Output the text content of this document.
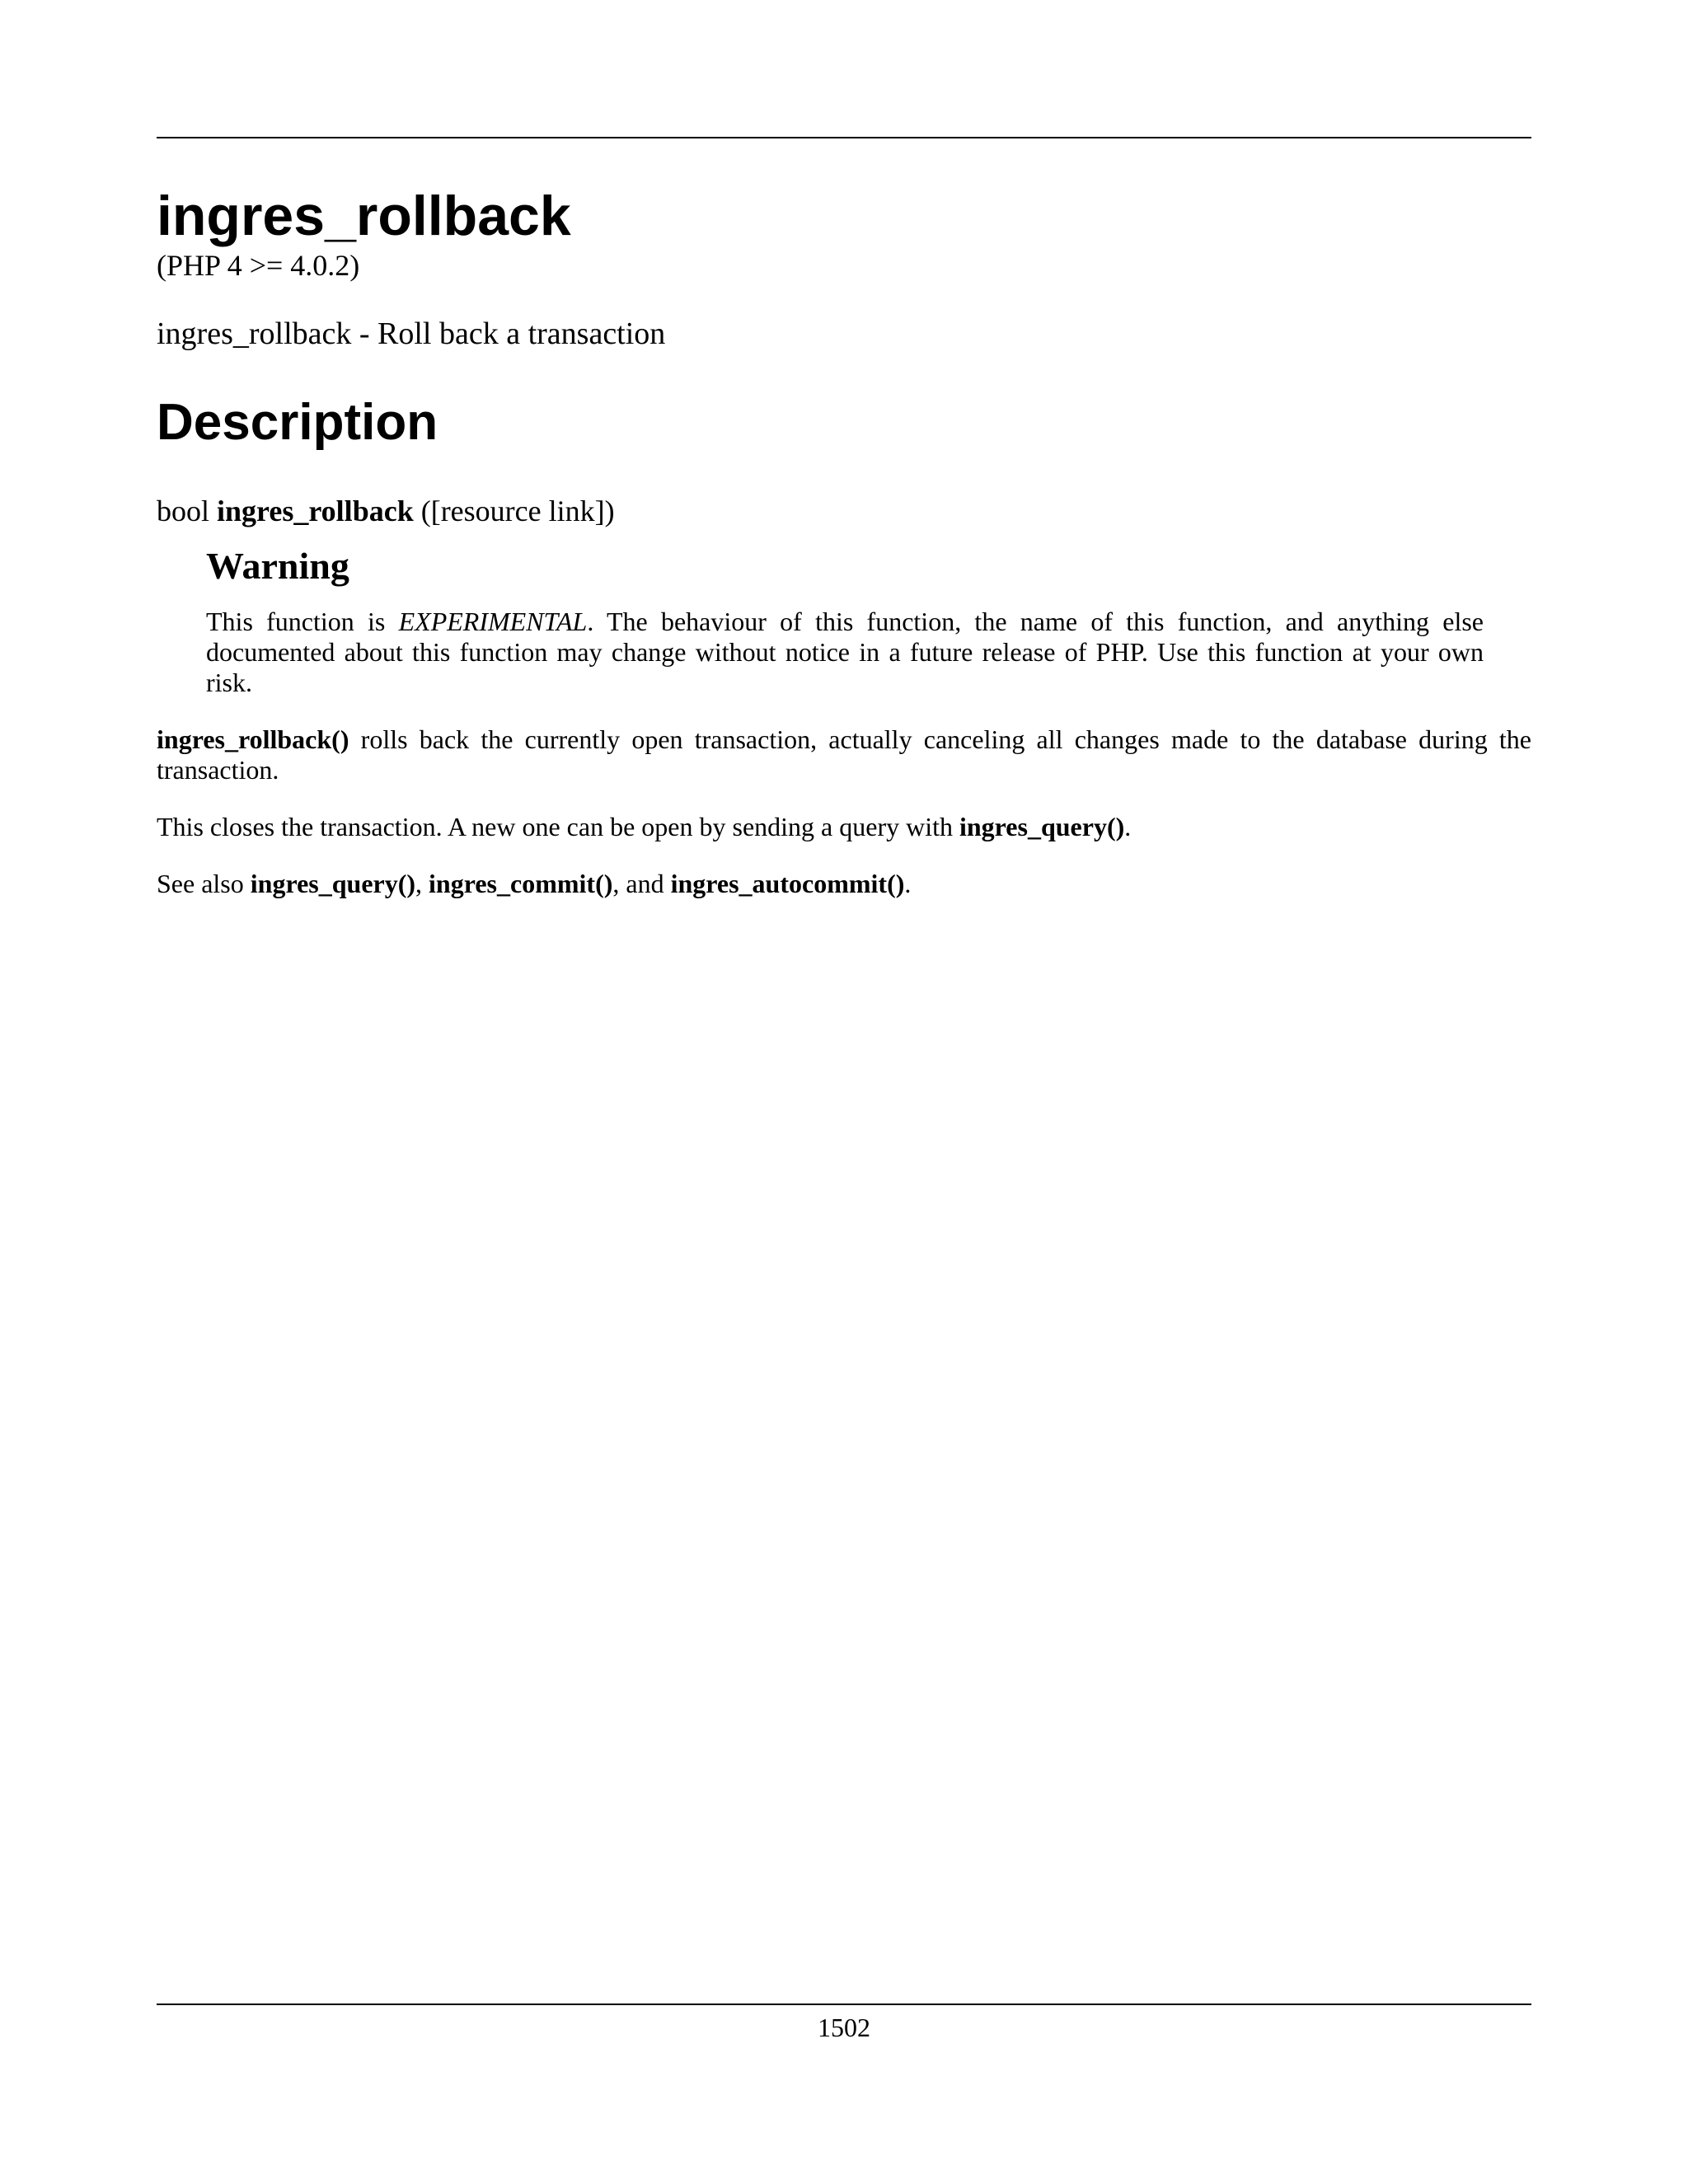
ingres_rollback
(PHP 4 >= 4.0.2)
ingres_rollback - Roll back a transaction
Description
bool ingres_rollback ([resource link])
Warning

This function is EXPERIMENTAL. The behaviour of this function, the name of this function, and anything else documented about this function may change without notice in a future release of PHP. Use this function at your own risk.

ingres_rollback() rolls back the currently open transaction, actually canceling all changes made to the database during the transaction.

This closes the transaction. A new one can be open by sending a query with ingres_query().

See also ingres_query(), ingres_commit(), and ingres_autocommit().

1502
